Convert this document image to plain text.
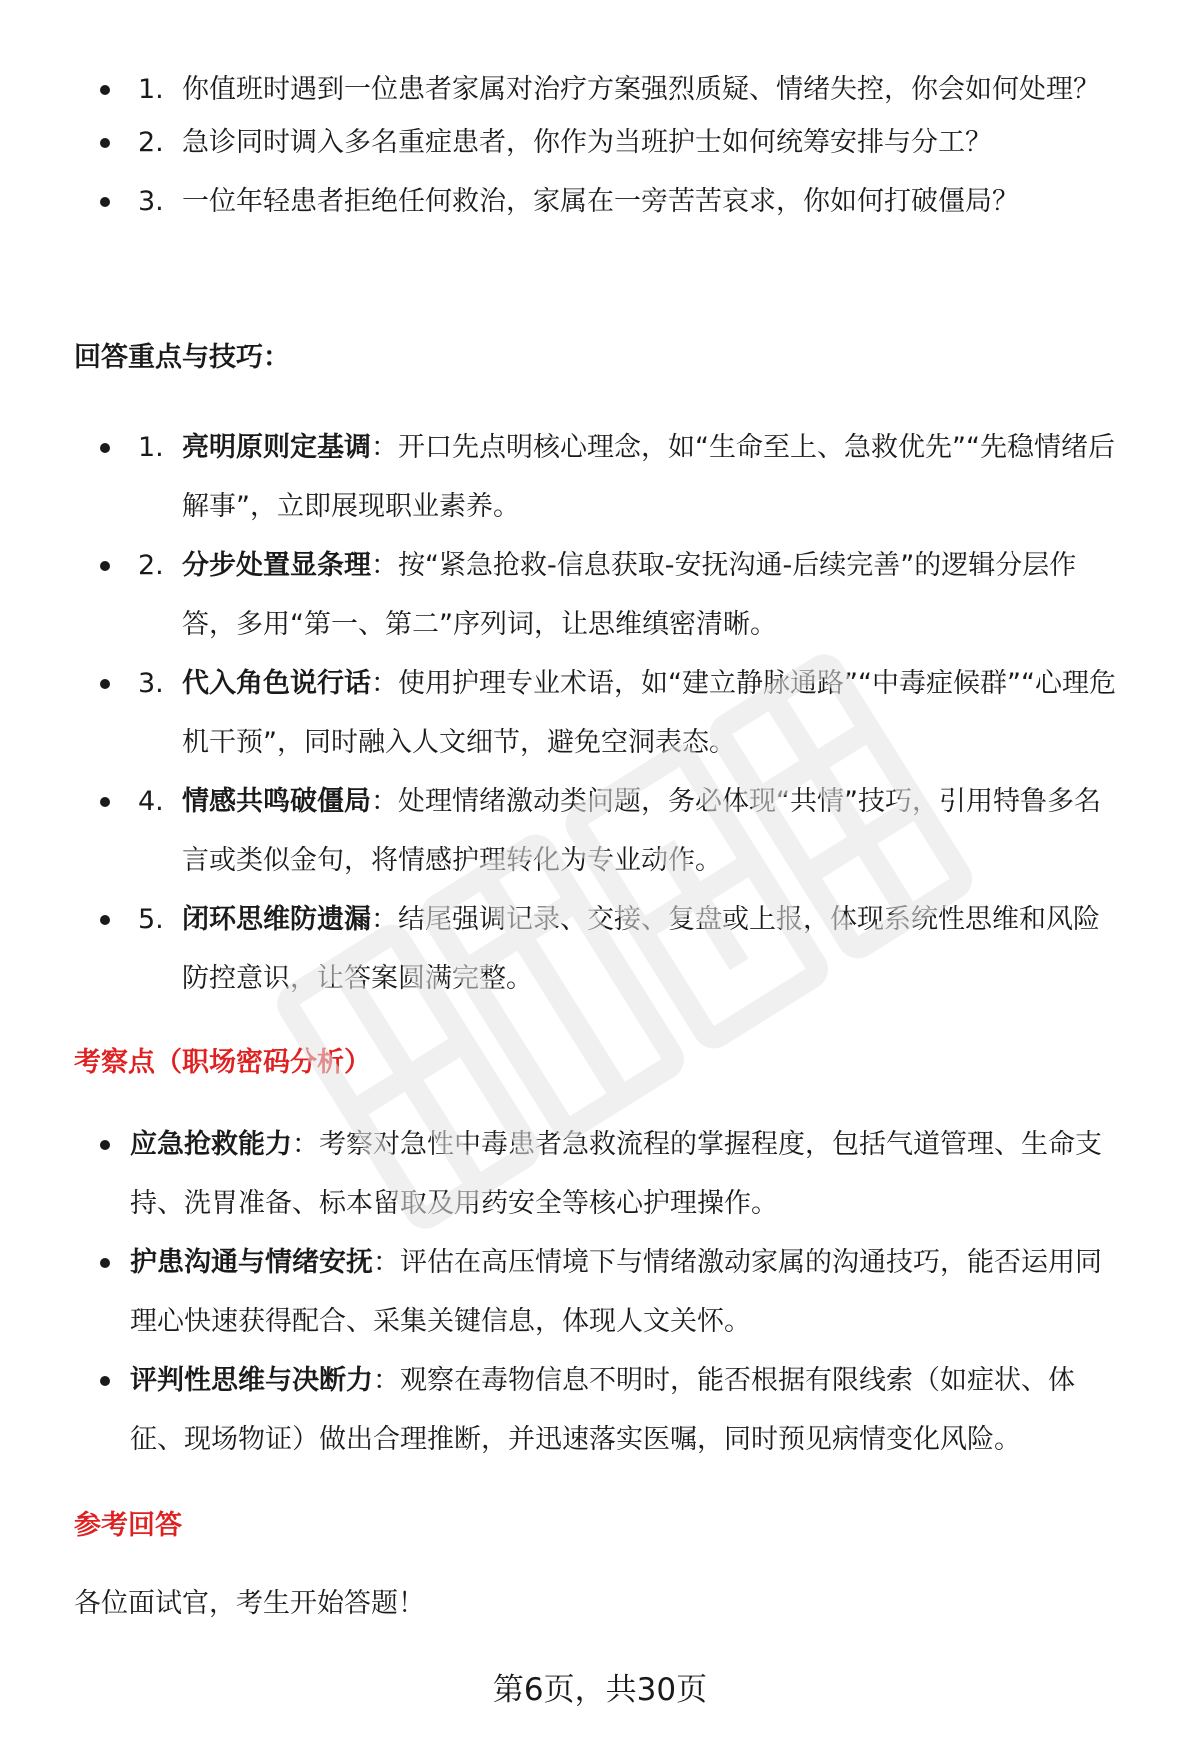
1. 你值班时遇到一位患者家属对治疗方案强烈质疑、情绪失控，你会如何处理？
2. 急诊同时调入多名重症患者，你作为当班护士如何统筹安排与分工？
3. 一位年轻患者拒绝任何救治，家属在一旁苦苦哀求，你如何打破僵局？
回答重点与技巧：
1. 亮明原则定基调：开口先点明核心理念，如“生命至上、急救优先”“先稳情绪后解事”，立即展现职业素养。
2. 分步处置显条理：按“紧急抢救-信息获取-安抚沟通-后续完善”的逻辑分层作答，多用“第一、第二”序列词，让思维缜密清晰。
3. 代入角色说行话：使用护理专业术语，如“建立静脉通路”“中毒症候群”“心理危机干预”，同时融入人文细节，避免空洞表态。
4. 情感共鸣破僵局：处理情绪激动类问题，务必体现“共情”技巧，引用特鲁多名言或类似金句，将情感护理转化为专业动作。
5. 闭环思维防遗漏：结尾强调记录、交接、复盘或上报，体现系统性思维和风险防控意识，让答案圆满完整。
考察点（职场密码分析）
应急抢救能力：考察对急性中毒患者急救流程的掌握程度，包括气道管理、生命支持、洗胃准备、标本留取及用药安全等核心护理操作。
护患沟通与情绪安抚：评估在高压情境下与情绪激动家属的沟通技巧，能否运用同理心快速获得配合、采集关键信息，体现人文关怀。
评判性思维与决断力：观察在毒物信息不明时，能否根据有限线索（如症状、体征、现场物证）做出合理推断，并迅速落实医嘱，同时预见病情变化风险。
参考回答

各位面试官，考生开始答题！

第6页，共30页
